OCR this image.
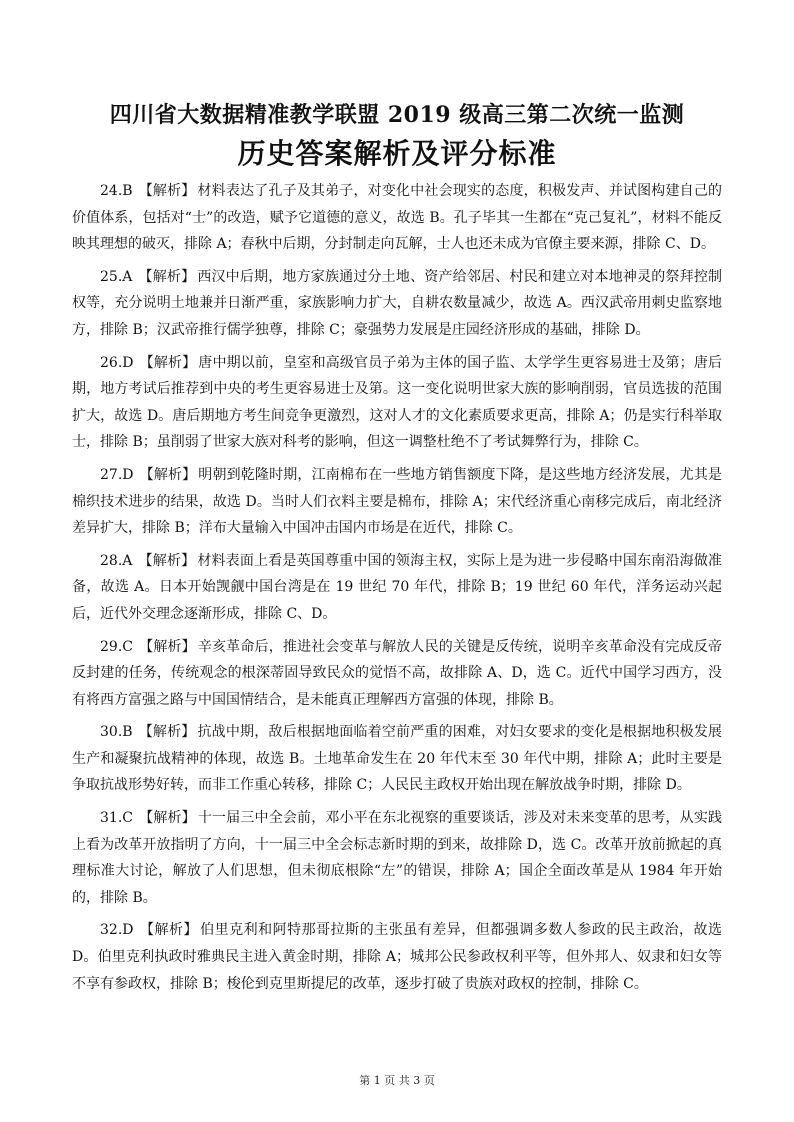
四川省大数据精准教学联盟 2019 级高三第二次统一监测
历史答案解析及评分标准

24.B 【解析】 材料表达了孔子及其弟子，对变化中社会现实的态度，积极发声、并试图构建自己的价值体系，包括对“士”的改造，赋予它道德的意义，故选 B。孔子毕其一生都在“克己复礼”，材料不能反映其理想的破灭，排除 A；春秋中后期，分封制走向瓦解，士人也还未成为官僚主要来源，排除 C、D。

25.A 【解析】 西汉中后期，地方家族通过分土地、资产给邻居、村民和建立对本地神灵的祭拜控制权等，充分说明土地兼并日渐严重，家族影响力扩大，自耕农数量减少，故选 A。西汉武帝用刺史监察地方，排除 B；汉武帝推行儒学独尊，排除 C；豪强势力发展是庄园经济形成的基础，排除 D。

26.D 【解析】 唐中期以前，皇室和高级官员子弟为主体的国子监、太学学生更容易进士及第；唐后期，地方考试后推荐到中央的考生更容易进士及第。这一变化说明世家大族的影响削弱，官员选拔的范围扩大，故选 D。唐后期地方考生间竞争更激烈，这对人才的文化素质要求更高，排除 A；仍是实行科举取士，排除 B；虽削弱了世家大族对科考的影响，但这一调整杜绝不了考试舞弊行为，排除 C。

27.D 【解析】 明朝到乾隆时期，江南棉布在一些地方销售额度下降，是这些地方经济发展，尤其是棉织技术进步的结果，故选 D。当时人们衣料主要是棉布，排除 A；宋代经济重心南移完成后，南北经济差异扩大，排除 B；洋布大量输入中国冲击国内市场是在近代，排除 C。

28.A 【解析】 材料表面上看是英国尊重中国的领海主权，实际上是为进一步侵略中国东南沿海做准备，故选 A。日本开始觊觎中国台湾是在 19 世纪 70 年代，排除 B；19 世纪 60 年代，洋务运动兴起后，近代外交理念逐渐形成，排除 C、D。

29.C 【解析】 辛亥革命后，推进社会变革与解放人民的关键是反传统，说明辛亥革命没有完成反帝反封建的任务，传统观念的根深蒂固导致民众的觉悟不高，故排除 A、D，选 C。近代中国学习西方，没有将西方富强之路与中国国情结合，是未能真正理解西方富强的体现，排除 B。

30.B 【解析】 抗战中期，敌后根据地面临着空前严重的困难，对妇女要求的变化是根据地积极发展生产和凝聚抗战精神的体现，故选 B。土地革命发生在 20 年代末至 30 年代中期，排除 A；此时主要是争取抗战形势好转，而非工作重心转移，排除 C；人民民主政权开始出现在解放战争时期，排除 D。

31.C 【解析】 十一届三中全会前，邓小平在东北视察的重要谈话，涉及对未来变革的思考，从实践上看为改革开放指明了方向，十一届三中全会标志新时期的到来，故排除 D，选 C。改革开放前掀起的真理标准大讨论，解放了人们思想，但未彻底根除“左”的错误，排除 A；国企全面改革是从 1984 年开始的，排除 B。

32.D 【解析】 伯里克利和阿特那哥拉斯的主张虽有差异，但都强调多数人参政的民主政治，故选 D。伯里克利执政时雅典民主进入黄金时期，排除 A；城邦公民参政权利平等，但外邦人、奴隶和妇女等不享有参政权，排除 B；梭伦到克里斯提尼的改革，逐步打破了贵族对政权的控制，排除 C。

第 1 页 共 3 页
